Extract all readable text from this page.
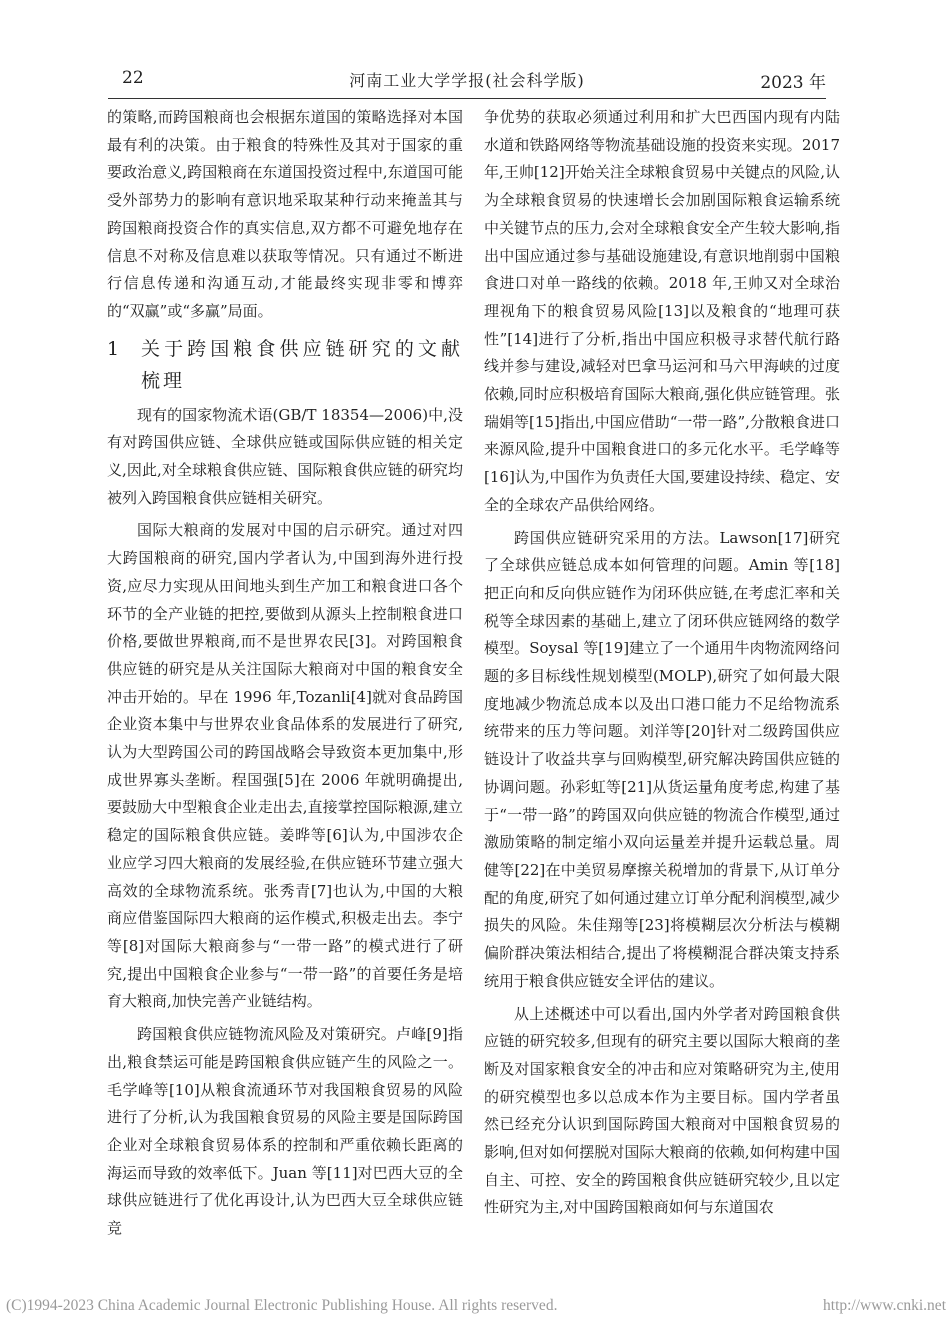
22	河南工业大学学报(社会科学版)	2023 年

的策略,而跨国粮商也会根据东道国的策略选择对本国最有利的决策。由于粮食的特殊性及其对于国家的重要政治意义,跨国粮商在东道国投资过程中,东道国可能受外部势力的影响有意识地采取某种行动来掩盖其与跨国粮商投资合作的真实信息,双方都不可避免地存在信息不对称及信息难以获取等情况。只有通过不断进行信息传递和沟通互动,才能最终实现非零和博弈的“双赢”或“多赢”局面。

1 关于跨国粮食供应链研究的文献梳理

现有的国家物流术语(GB/T 18354—2006)中,没有对跨国供应链、全球供应链或国际供应链的相关定义,因此,对全球粮食供应链、国际粮食供应链的研究均被列入跨国粮食供应链相关研究。

国际大粮商的发展对中国的启示研究。通过对四大跨国粮商的研究,国内学者认为,中国到海外进行投资,应尽力实现从田间地头到生产加工和粮食进口各个环节的全产业链的把控,要做到从源头上控制粮食进口价格,要做世界粮商,而不是世界农民[3]。对跨国粮食供应链的研究是从关注国际大粮商对中国的粮食安全冲击开始的。早在 1996 年,Tozanli[4]就对食品跨国企业资本集中与世界农业食品体系的发展进行了研究,认为大型跨国公司的跨国战略会导致资本更加集中,形成世界寡头垄断。程国强[5]在 2006 年就明确提出,要鼓励大中型粮食企业走出去,直接掌控国际粮源,建立稳定的国际粮食供应链。姜晔等[6]认为,中国涉农企业应学习四大粮商的发展经验,在供应链环节建立强大高效的全球物流系统。张秀青[7]也认为,中国的大粮商应借鉴国际四大粮商的运作模式,积极走出去。李宁等[8]对国际大粮商参与“一带一路”的模式进行了研究,提出中国粮食企业参与“一带一路”的首要任务是培育大粮商,加快完善产业链结构。

跨国粮食供应链物流风险及对策研究。卢峰[9]指出,粮食禁运可能是跨国粮食供应链产生的风险之一。毛学峰等[10]从粮食流通环节对我国粮食贸易的风险进行了分析,认为我国粮食贸易的风险主要是国际跨国企业对全球粮食贸易体系的控制和严重依赖长距离的海运而导致的效率低下。Juan 等[11]对巴西大豆的全球供应链进行了优化再设计,认为巴西大豆全球供应链竞

争优势的获取必须通过利用和扩大巴西国内现有内陆水道和铁路网络等物流基础设施的投资来实现。2017 年,王帅[12]开始关注全球粮食贸易中关键点的风险,认为全球粮食贸易的快速增长会加剧国际粮食运输系统中关键节点的压力,会对全球粮食安全产生较大影响,指出中国应通过参与基础设施建设,有意识地削弱中国粮食进口对单一路线的依赖。2018 年,王帅又对全球治理视角下的粮食贸易风险[13]以及粮食的“地理可获性”[14]进行了分析,指出中国应积极寻求替代航行路线并参与建设,减轻对巴拿马运河和马六甲海峡的过度依赖,同时应积极培育国际大粮商,强化供应链管理。张瑞娟等[15]指出,中国应借助“一带一路”,分散粮食进口来源风险,提升中国粮食进口的多元化水平。毛学峰等[16]认为,中国作为负责任大国,要建设持续、稳定、安全的全球农产品供给网络。

跨国供应链研究采用的方法。Lawson[17]研究了全球供应链总成本如何管理的问题。Amin 等[18]把正向和反向供应链作为闭环供应链,在考虑汇率和关税等全球因素的基础上,建立了闭环供应链网络的数学模型。Soysal 等[19]建立了一个通用牛肉物流网络问题的多目标线性规划模型(MOLP),研究了如何最大限度地减少物流总成本以及出口港口能力不足给物流系统带来的压力等问题。刘洋等[20]针对二级跨国供应链设计了收益共享与回购模型,研究解决跨国供应链的协调问题。孙彩虹等[21]从货运量角度考虑,构建了基于“一带一路”的跨国双向供应链的物流合作模型,通过激励策略的制定缩小双向运量差并提升运载总量。周健等[22]在中美贸易摩擦关税增加的背景下,从订单分配的角度,研究了如何通过建立订单分配利润模型,减少损失的风险。朱佳翔等[23]将模糊层次分析法与模糊偏阶群决策法相结合,提出了将模糊混合群决策支持系统用于粮食供应链安全评估的建议。

从上述概述中可以看出,国内外学者对跨国粮食供应链的研究较多,但现有的研究主要以国际大粮商的垄断及对国家粮食安全的冲击和应对策略研究为主,使用的研究模型也多以总成本作为主要目标。国内学者虽然已经充分认识到国际跨国大粮商对中国粮食贸易的影响,但对如何摆脱对国际大粮商的依赖,如何构建中国自主、可控、安全的跨国粮食供应链研究较少,且以定性研究为主,对中国跨国粮商如何与东道国农

(C)1994-2023 China Academic Journal Electronic Publishing House. All rights reserved.	http://www.cnki.net
